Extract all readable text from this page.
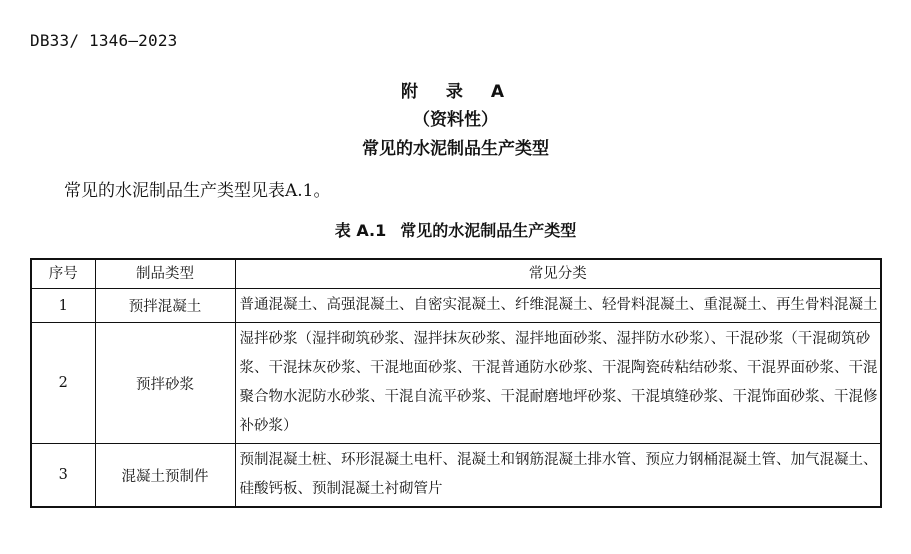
DB33/ 1346—2023
附 录 A
（资料性）
常见的水泥制品生产类型
常见的水泥制品生产类型见表A.1。
表 A.1 常见的水泥制品生产类型
序号	制品类型	常见分类
1	预拌混凝土	普通混凝土、高强混凝土、自密实混凝土、纤维混凝土、轻骨料混凝土、重混凝土、再生骨料混凝土
2	预拌砂浆	湿拌砂浆（湿拌砌筑砂浆、湿拌抹灰砂浆、湿拌地面砂浆、湿拌防水砂浆）、干混砂浆（干混砌筑砂浆、干混抹灰砂浆、干混地面砂浆、干混普通防水砂浆、干混陶瓷砖粘结砂浆、干混界面砂浆、干混聚合物水泥防水砂浆、干混自流平砂浆、干混耐磨地坪砂浆、干混填缝砂浆、干混饰面砂浆、干混修补砂浆）
3	混凝土预制件	预制混凝土桩、环形混凝土电杆、混凝土和钢筋混凝土排水管、预应力钢桶混凝土管、加气混凝土、硅酸钙板、预制混凝土衬砌管片
